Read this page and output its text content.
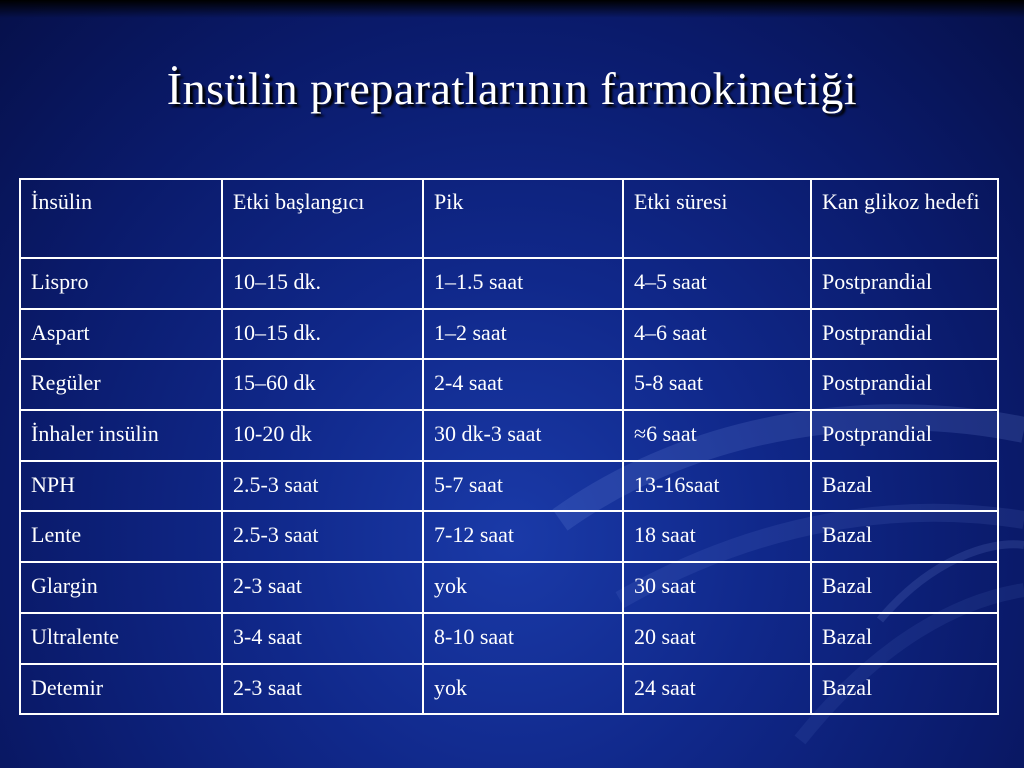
İnsülin preparatlarının farmokinetiği
İnsülin	Etki başlangıcı	Pik	Etki süresi	Kan glikoz hedefi
Lispro	10–15 dk.	1–1.5 saat	4–5 saat	Postprandial
Aspart	10–15 dk.	1–2 saat	4–6 saat	Postprandial
Regüler	15–60 dk	2-4 saat	5-8 saat	Postprandial
İnhaler insülin	10-20 dk	30 dk-3 saat	≈6 saat	Postprandial
NPH	2.5-3 saat	5-7 saat	13-16saat	Bazal
Lente	2.5-3 saat	7-12 saat	18 saat	Bazal
Glargin	2-3 saat	yok	30 saat	Bazal
Ultralente	3-4 saat	8-10 saat	20 saat	Bazal
Detemir	2-3 saat	yok	24 saat	Bazal
